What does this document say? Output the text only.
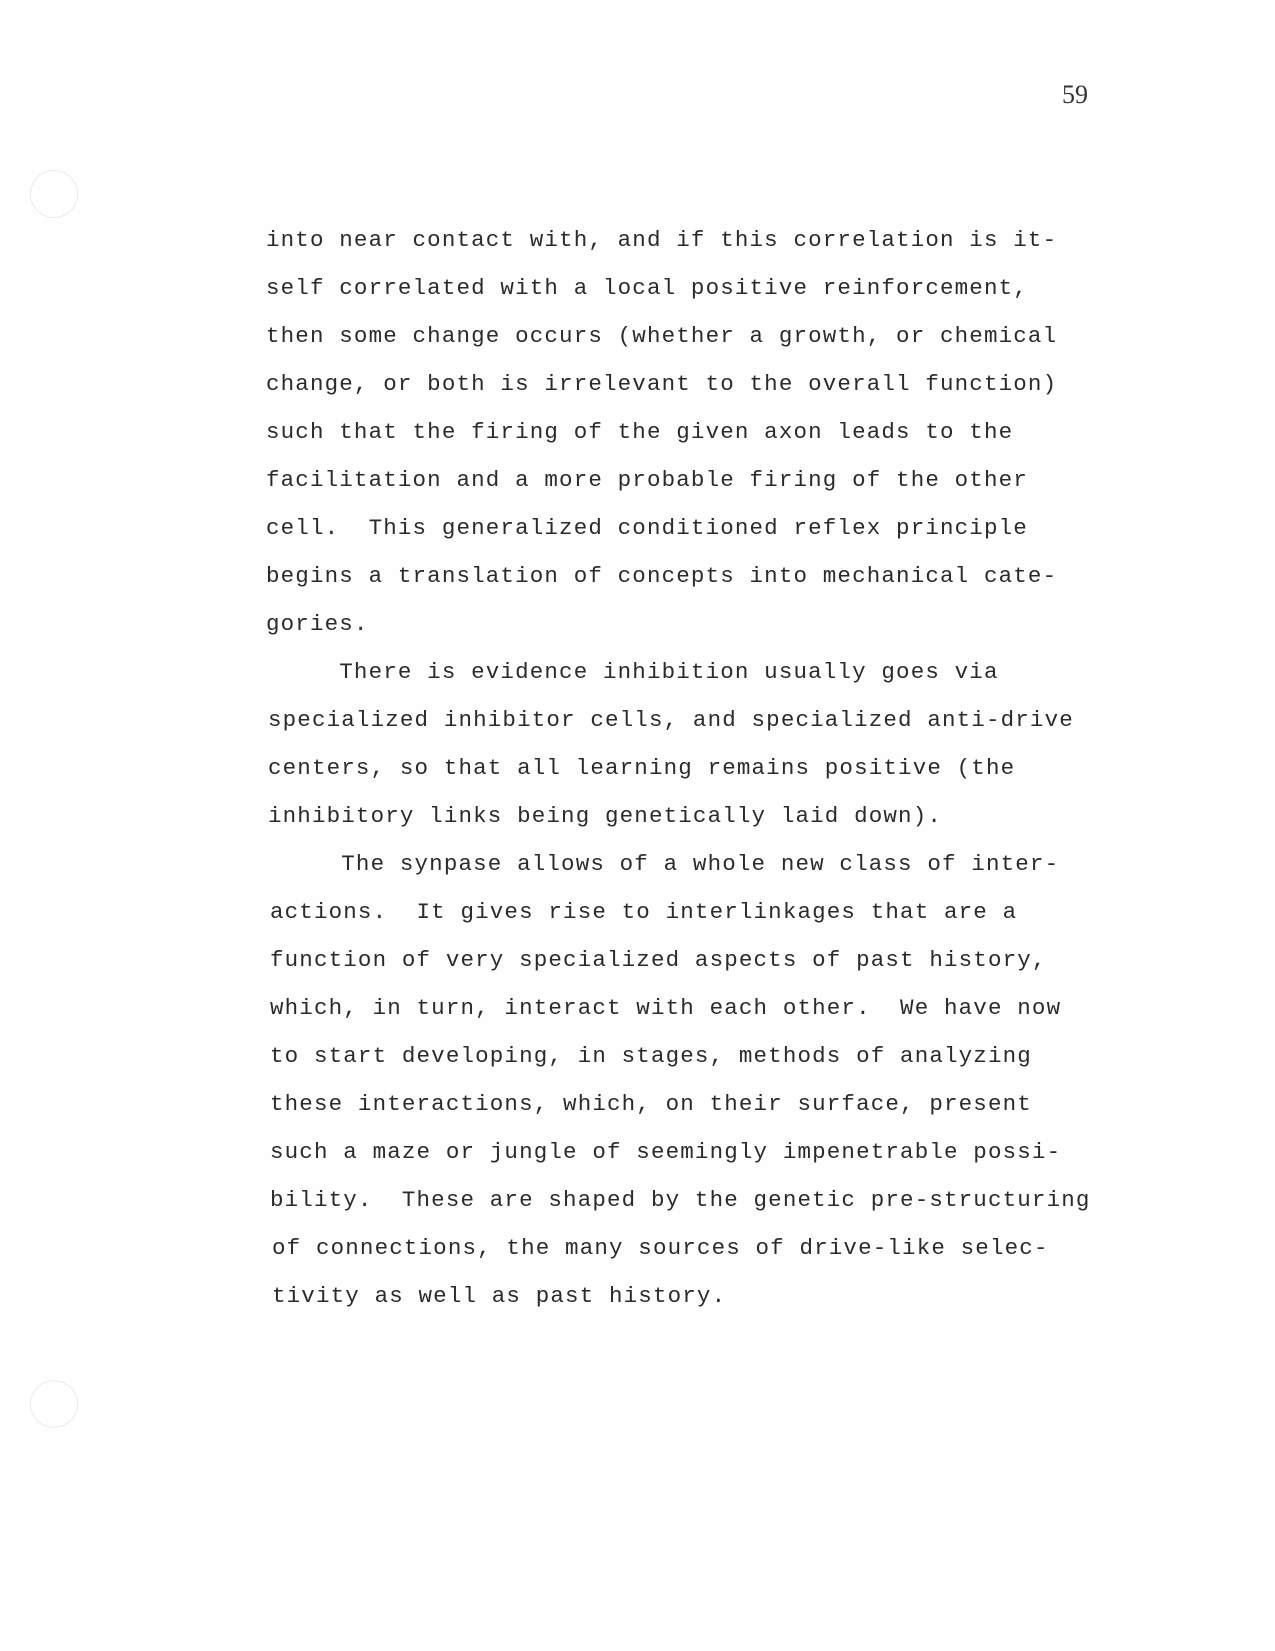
59
into near contact with, and if this correlation is it-
self correlated with a local positive reinforcement,
then some change occurs (whether a growth, or chemical
change, or both is irrelevant to the overall function)
such that the firing of the given axon leads to the
facilitation and a more probable firing of the other
cell.  This generalized conditioned reflex principle
begins a translation of concepts into mechanical cate-
gories.
There is evidence inhibition usually goes via
specialized inhibitor cells, and specialized anti-drive
centers, so that all learning remains positive (the
inhibitory links being genetically laid down).
The synpase allows of a whole new class of inter-
actions.  It gives rise to interlinkages that are a
function of very specialized aspects of past history,
which, in turn, interact with each other.  We have now
to start developing, in stages, methods of analyzing
these interactions, which, on their surface, present
such a maze or jungle of seemingly impenetrable possi-
bility.  These are shaped by the genetic pre-structuring
of connections, the many sources of drive-like selec-
tivity as well as past history.
